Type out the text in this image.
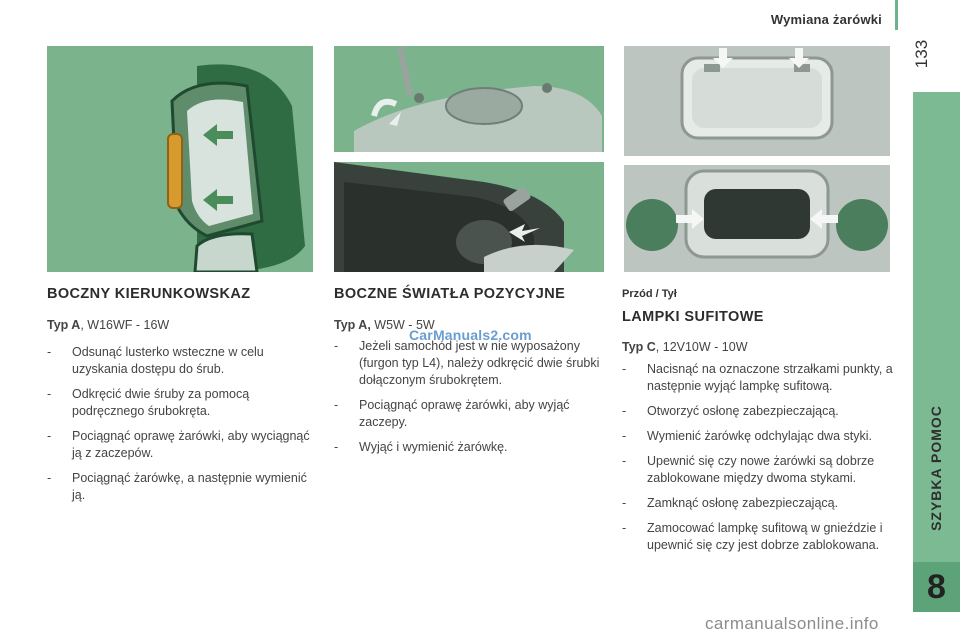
Wymiana żarówki
133
SZYBKA POMOC
8
BOCZNY KIERUNKOWSKAZ
Typ A, W16WF - 16W
- Odsunąć lusterko wsteczne w celu uzyskania dostępu do śrub.
- Odkręcić dwie śruby za pomocą podręcznego śrubokręta.
- Pociągnąć oprawę żarówki, aby wyciągnąć ją z zaczepów.
- Pociągnąć żarówkę, a następnie wymienić ją.
BOCZNE ŚWIATŁA POZYCYJNE
Typ A, W5W - 5W
- Jeżeli samochód jest w nie wyposażony (furgon typ L4), należy odkręcić dwie śrubki dołączonym śrubokrętem.
- Pociągnąć oprawę żarówki, aby wyjąć zaczepy.
- Wyjąć i wymienić żarówkę.
Przód / Tył
LAMPKI SUFITOWE
Typ C, 12V10W - 10W
- Nacisnąć na oznaczone strzałkami punkty, a następnie wyjąć lampkę sufitową.
- Otworzyć osłonę zabezpieczającą.
- Wymienić żarówkę odchylając dwa styki.
- Upewnić się czy nowe żarówki są dobrze zablokowane między dwoma stykami.
- Zamknąć osłonę zabezpieczającą.
- Zamocować lampkę sufitową w gnieździe i upewnić się czy jest dobrze zablokowana.
CarManuals2.com
carmanualsonline.info
